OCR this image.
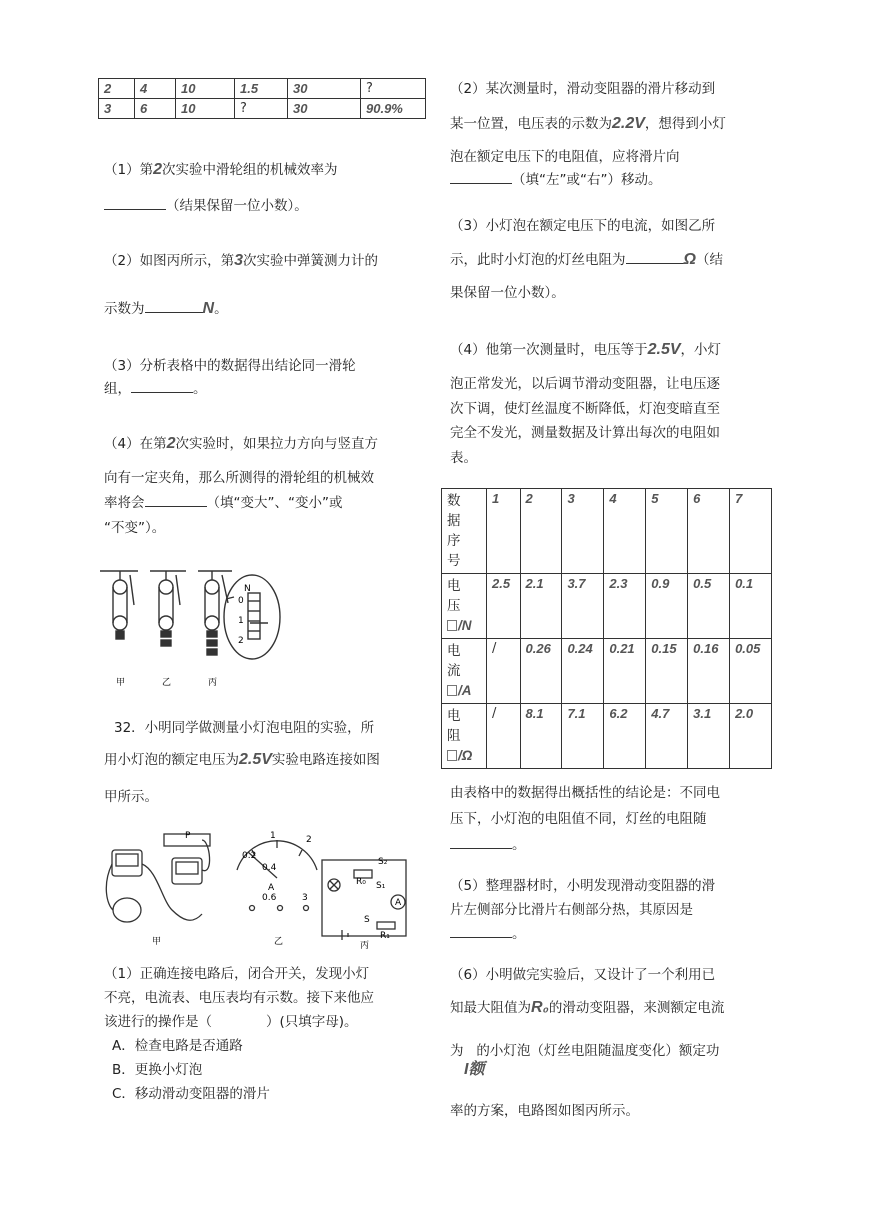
2	4	10	1.5	30	?
3	6	10	?	30	90.9%
（1）第2次实验中滑轮组的机械效率为
（结果保留一位小数）。
（2）如图丙所示，第3次实验中弹簧测力计的
示数为	N。
（3）分析表格中的数据得出结论同一滑轮
组，	。
（4）在第2次实验时，如果拉力方向与竖直方
向有一定夹角，那么所测得的滑轮组的机械效
率将会	（填“变大”、“变小”或
“不变”）。
N
0
1
2
甲	乙	丙
32．小明同学做测量小灯泡电阻的实验，所
用小灯泡的额定电压为2.5V实验电路连接如图
甲所示。
1
0.2
0.4
2
A
0.6	3
S₂
S₁
R₀
R₁
S
A
P
甲	乙	丙
（1）正确连接电路后，闭合开关，发现小灯
不亮，电流表、电压表均有示数。接下来他应
该进行的操作是（　　　　）(只填字母)。
A．检查电路是否通路
B．更换小灯泡
C．移动滑动变阻器的滑片
（2）某次测量时，滑动变阻器的滑片移动到
某一位置，电压表的示数为2.2V，想得到小灯
泡在额定电压下的电阻值，应将滑片向
（填“左”或“右”）移动。
（3）小灯泡在额定电压下的电流，如图乙所
示，此时小灯泡的灯丝电阻为	Ω（结
果保留一位小数）。
（4）他第一次测量时，电压等于2.5V，小灯
泡正常发光，以后调节滑动变阻器，让电压逐
次下调，使灯丝温度不断降低，灯泡变暗直至
完全不发光，测量数据及计算出每次的电阻如
表。
数
据
序
号	1	2	3	4	5	6	7

电
压
/N	2.5	2.1	3.7	2.3	0.9	0.5	0.1

电
流
/A	/	0.26	0.24	0.21	0.15	0.16	0.05

电
阻
/Ω	/	8.1	7.1	6.2	4.7	3.1	2.0
由表格中的数据得出概括性的结论是：不同电
压下，小灯泡的电阻值不同，灯丝的电阻随
。
（5）整理器材时，小明发现滑动变阻器的滑
片左侧部分比滑片右侧部分热，其原因是
。
（6）小明做完实验后，又设计了一个利用已
知最大阻值为R₀的滑动变阻器，来测额定电流
为 的小灯泡（灯丝电阻随温度变化）额定功
I额
率的方案，电路图如图丙所示。
